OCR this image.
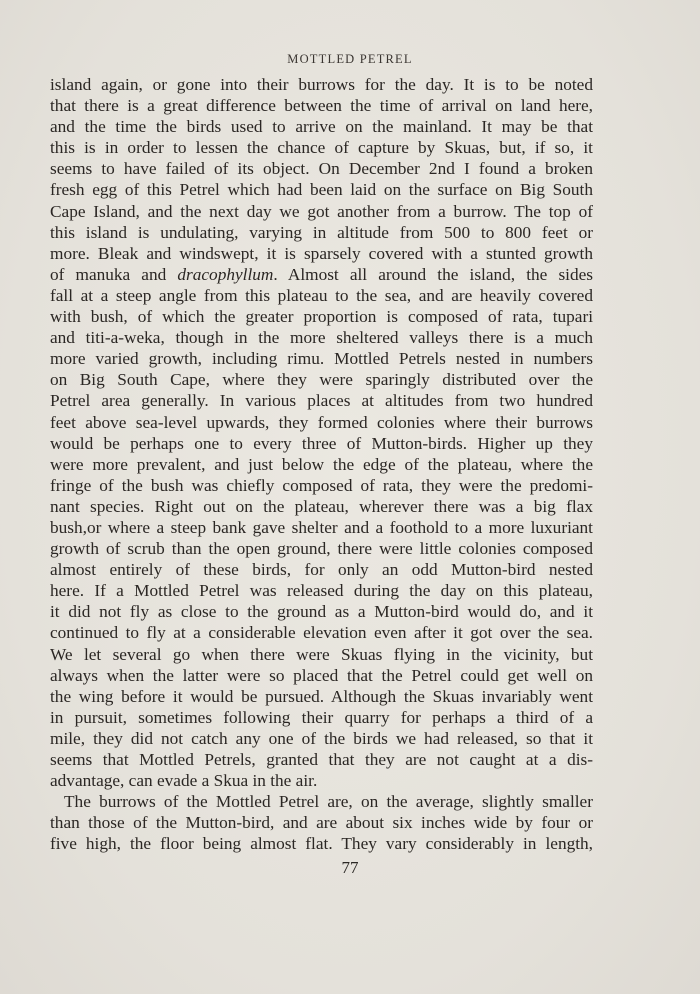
MOTTLED PETREL
island again, or gone into their burrows for the day. It is to be noted
that there is a great difference between the time of arrival on land here,
and the time the birds used to arrive on the mainland. It may be that
this is in order to lessen the chance of capture by Skuas, but, if so, it
seems to have failed of its object. On December 2nd I found a broken
fresh egg of this Petrel which had been laid on the surface on Big South
Cape Island, and the next day we got another from a burrow. The top of
this island is undulating, varying in altitude from 500 to 800 feet or
more. Bleak and windswept, it is sparsely covered with a stunted growth
of manuka and dracophyllum. Almost all around the island, the sides
fall at a steep angle from this plateau to the sea, and are heavily covered
with bush, of which the greater proportion is composed of rata, tupari
and titi-a-weka, though in the more sheltered valleys there is a much
more varied growth, including rimu. Mottled Petrels nested in numbers
on Big South Cape, where they were sparingly distributed over the
Petrel area generally. In various places at altitudes from two hundred
feet above sea-level upwards, they formed colonies where their burrows
would be perhaps one to every three of Mutton-birds. Higher up they
were more prevalent, and just below the edge of the plateau, where the
fringe of the bush was chiefly composed of rata, they were the predomi-
nant species. Right out on the plateau, wherever there was a big flax
bush,or where a steep bank gave shelter and a foothold to a more luxuriant
growth of scrub than the open ground, there were little colonies composed
almost entirely of these birds, for only an odd Mutton-bird nested
here. If a Mottled Petrel was released during the day on this plateau,
it did not fly as close to the ground as a Mutton-bird would do, and it
continued to fly at a considerable elevation even after it got over the sea.
We let several go when there were Skuas flying in the vicinity, but
always when the latter were so placed that the Petrel could get well on
the wing before it would be pursued. Although the Skuas invariably went
in pursuit, sometimes following their quarry for perhaps a third of a
mile, they did not catch any one of the birds we had released, so that it
seems that Mottled Petrels, granted that they are not caught at a dis-
advantage, can evade a Skua in the air.
The burrows of the Mottled Petrel are, on the average, slightly smaller
than those of the Mutton-bird, and are about six inches wide by four or
five high, the floor being almost flat. They vary considerably in length,
77
